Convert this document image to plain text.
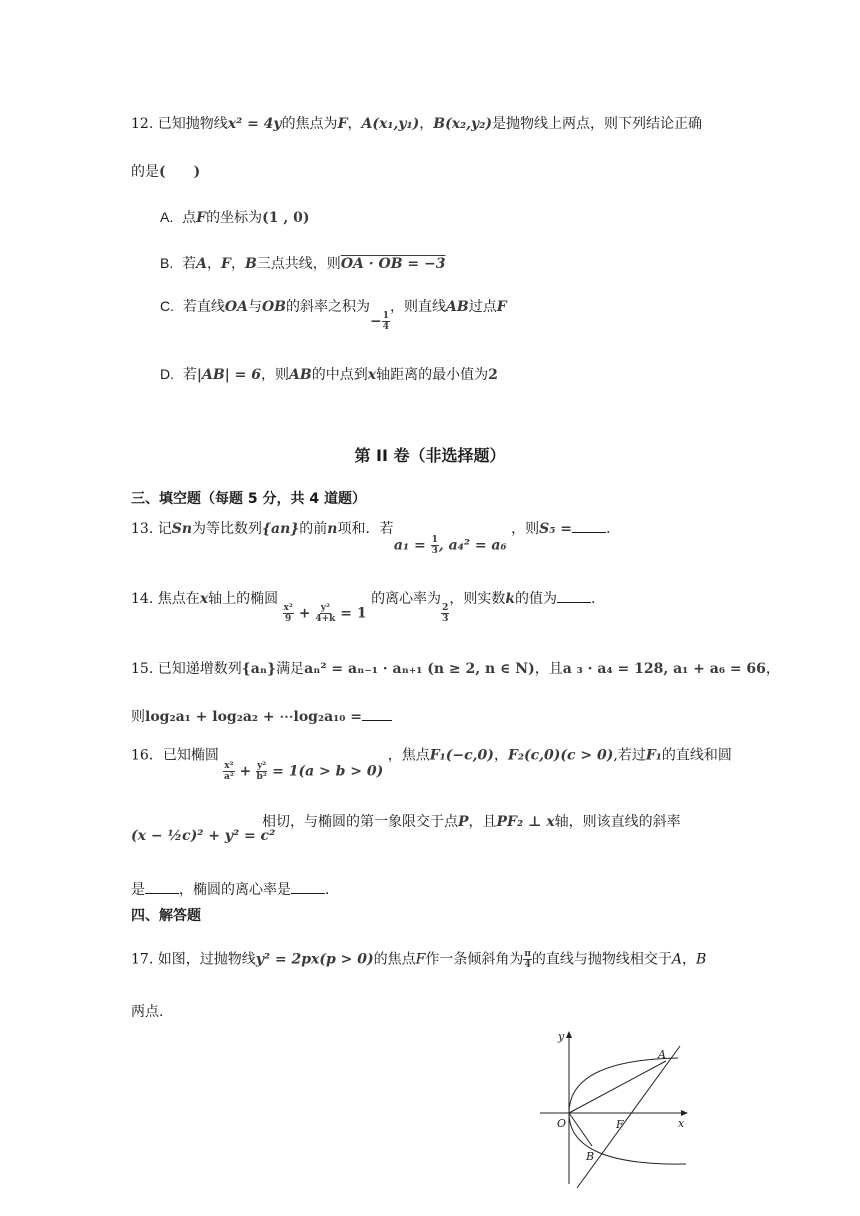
12. 已知抛物线x² = 4y的焦点为F，A(x₁,y₁)，B(x₂,y₂)是抛物线上两点，则下列结论正确
的是(　　)
A. 点F的坐标为(1 , 0)
B. 若A，F，B三点共线，则OA · OB = −3
C. 若直线OA与OB的斜率之积为− $\frac{1}{4}$
，则直线AB过点F
D. 若|AB| = 6，则AB的中点到x轴距离的最小值为2
第 II 卷（非选择题）
三、填空题（每题 5 分，共 4 道题）
13. 记Sn为等比数列{an}的前n项和．若 $a_1 = \frac{1}{3}$ , a₄² = a₆ ，则S₅ = .
14. 焦点在x轴上的椭圆
$\frac{\text{x²}}{9} + \frac{\text{y²}}{4+k} = 1$ 的离心率为
$\frac{2}{3}$
，则实数k的值为 .
15. 已知递增数列{aₙ}满足aₙ² = aₙ₋₁ · aₙ₊₁ (n ≥ 2, n ∈ N)，且a ₃ · a₄ = 128, a₁ + a₆ = 66，
则log₂a₁ + log₂a₂ + ⋯log₂a₁₀ =
16．已知椭圆
$\frac{\text{x²}}{\text{a²}} + \frac{\text{y²}}{\text{b²}} = 1(a > b > 0)$ ，焦点F₁(−c,0)，F₂(c,0)(c > 0),若过F₁的直线和圆
(x − ½c)² + y² = c²
相切，与椭圆的第一象限交于点P，且PF₂ ⊥ x轴，则该直线的斜率
是 ，椭圆的离心率是 .
四、解答题
17. 如图，过抛物线y² = 2px(p > 0)的焦点F作一条倾斜角为 $\frac{\pi}{4}$ 的直线与抛物线相交于A，B
两点.
y
x
O	F
A
B
